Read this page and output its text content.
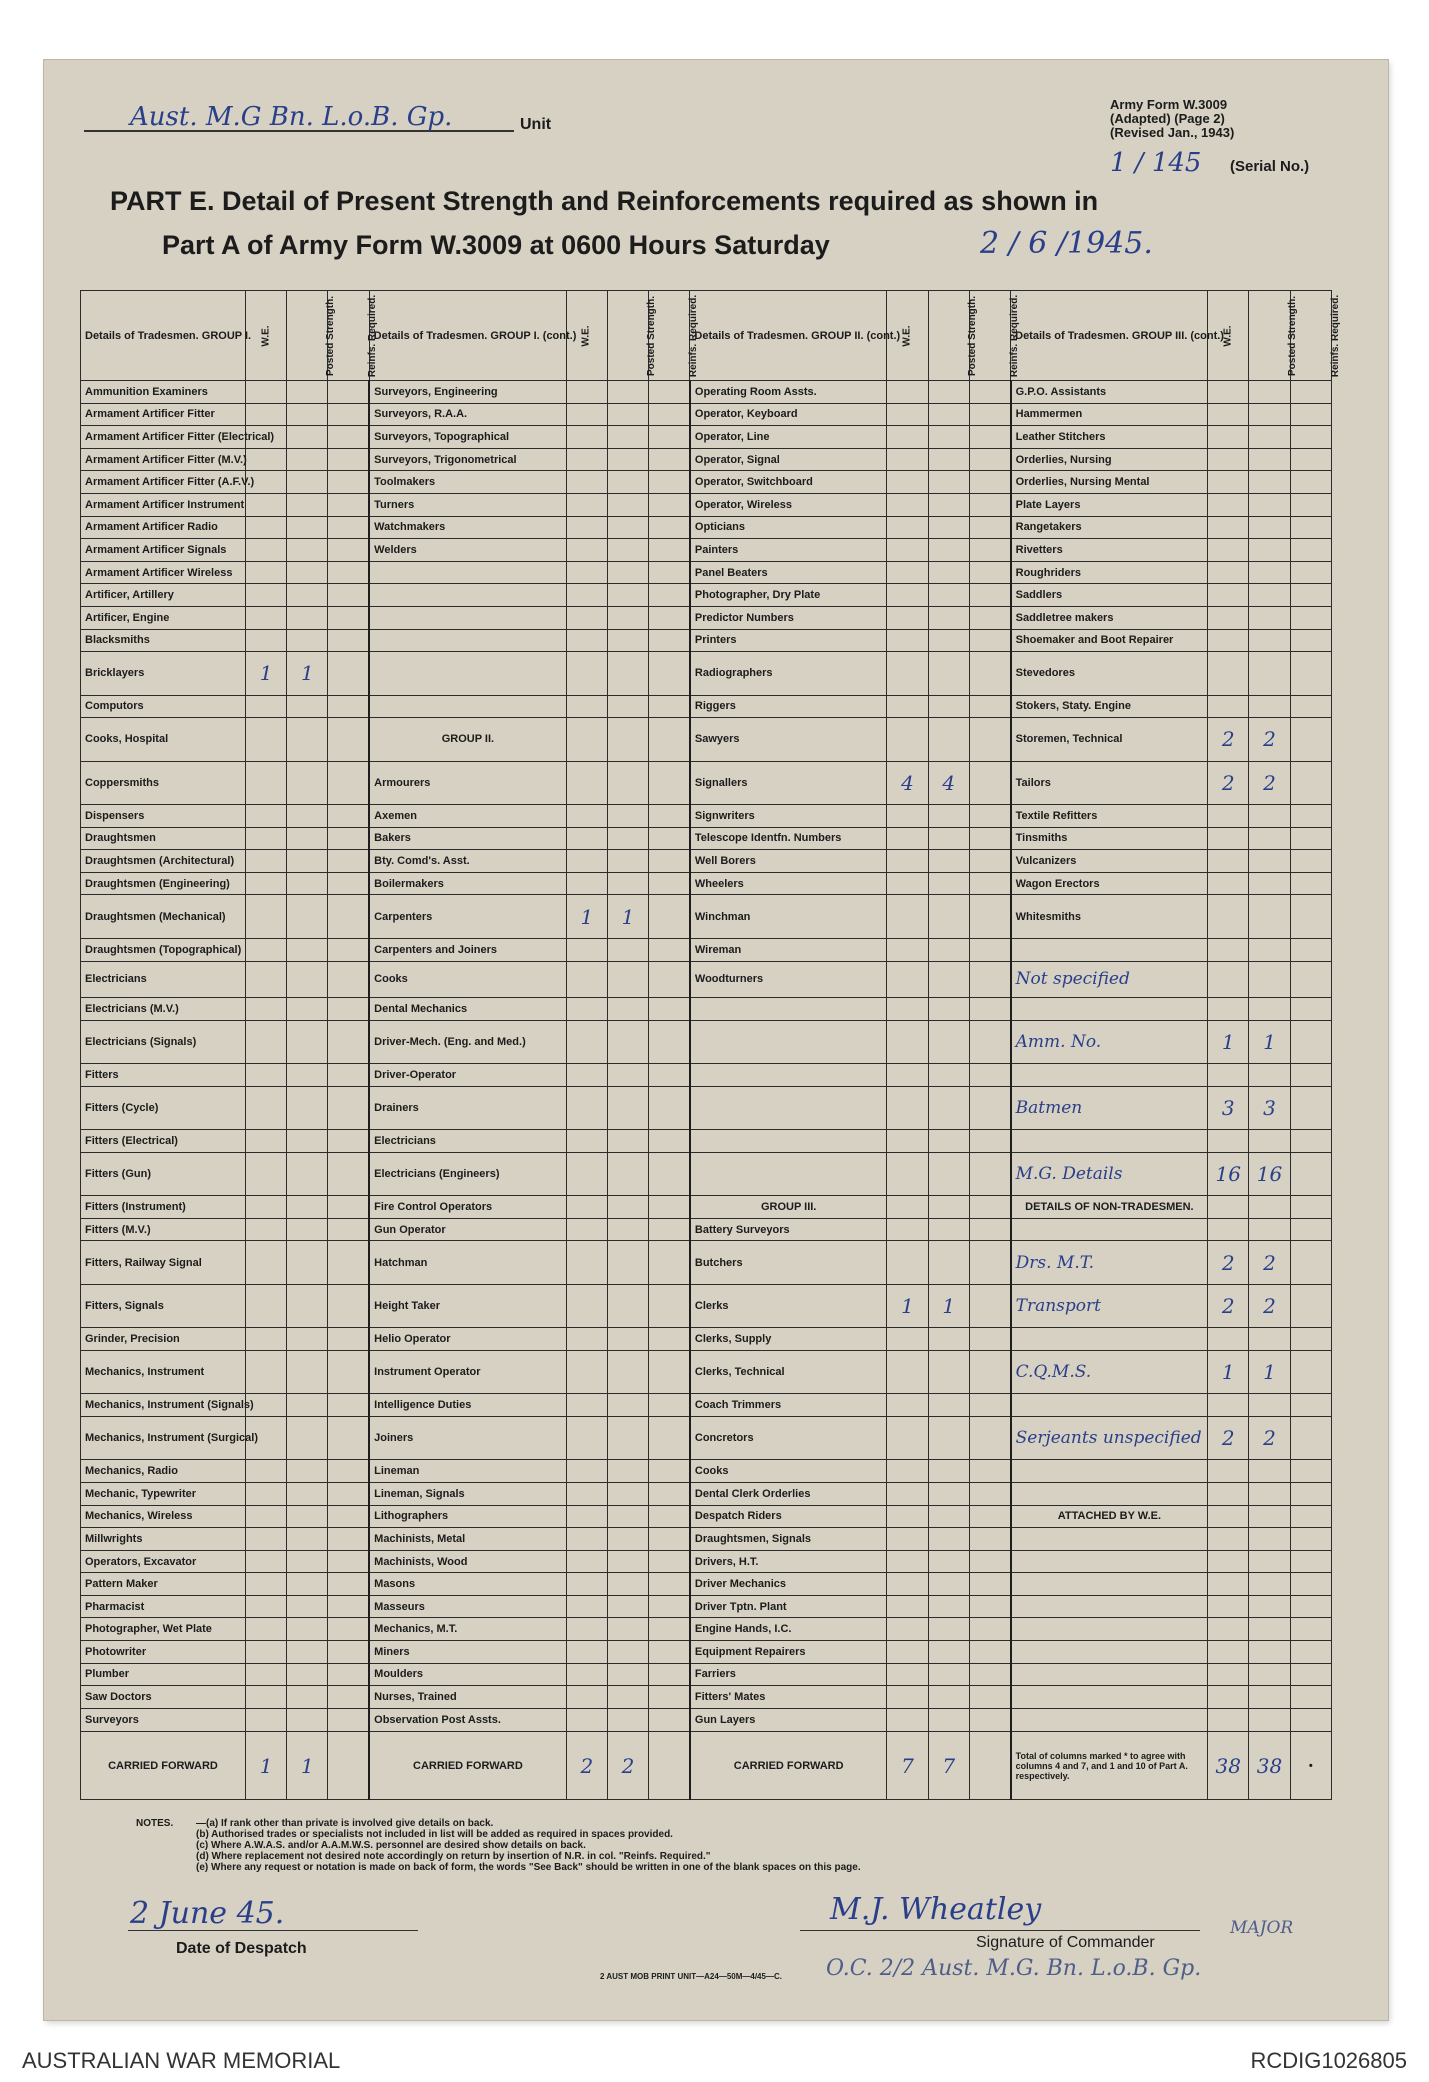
Aust. M.G Bn. L.o.B. Gp.	Unit
Army Form W.3009
(Adapted) (Page 2)
(Revised Jan., 1943)
1 / 145 (Serial No.)
PART E. Detail of Present Strength and Reinforcements required as shown in
Part A of Army Form W.3009 at 0600 Hours Saturday	2 / 6 /1945.
Details of Tradesmen. GROUP I.	W.E.	Posted Strength.	Reinfs. Required.	Details of Tradesmen. GROUP I. (cont.)	W.E.	Posted Strength.	Reinfs. Required.	Details of Tradesmen. GROUP II. (cont.)	W.E.	Posted Strength.	Reinfs. Required.	Details of Tradesmen. GROUP III. (cont.)	W.E.	Posted Strength.	Reinfs. Required.
Ammunition Examiners				Surveyors, Engineering				Operating Room Assts.				G.P.O. Assistants			
Armament Artificer Fitter				Surveyors, R.A.A.				Operator, Keyboard				Hammermen			
Armament Artificer Fitter (Electrical)				Surveyors, Topographical				Operator, Line				Leather Stitchers			
Armament Artificer Fitter (M.V.)				Surveyors, Trigonometrical				Operator, Signal				Orderlies, Nursing			
Armament Artificer Fitter (A.F.V.)				Toolmakers				Operator, Switchboard				Orderlies, Nursing Mental			
Armament Artificer Instrument				Turners				Operator, Wireless				Plate Layers			
Armament Artificer Radio				Watchmakers				Opticians				Rangetakers			
Armament Artificer Signals				Welders				Painters				Rivetters			
Armament Artificer Wireless								Panel Beaters				Roughriders			
Artificer, Artillery								Photographer, Dry Plate				Saddlers			
Artificer, Engine								Predictor Numbers				Saddletree makers			
Blacksmiths								Printers				Shoemaker and Boot Repairer			
Bricklayers	1	1						Radiographers				Stevedores			
Computors								Riggers				Stokers, Staty. Engine			
Cooks, Hospital				GROUP II.				Sawyers				Storemen, Technical	2	2	
Coppersmiths				Armourers				Signallers	4	4		Tailors	2	2	
Dispensers				Axemen				Signwriters				Textile Refitters			
Draughtsmen				Bakers				Telescope Identfn. Numbers				Tinsmiths			
Draughtsmen (Architectural)				Bty. Comd's. Asst.				Well Borers				Vulcanizers			
Draughtsmen (Engineering)				Boilermakers				Wheelers				Wagon Erectors			
Draughtsmen (Mechanical)				Carpenters	1	1		Winchman				Whitesmiths			
Draughtsmen (Topographical)				Carpenters and Joiners				Wireman							
Electricians				Cooks				Woodturners				Not specified			
Electricians (M.V.)				Dental Mechanics											
Electricians (Signals)				Driver-Mech. (Eng. and Med.)								Amm. No.	1	1	
Fitters				Driver-Operator											
Fitters (Cycle)				Drainers								Batmen	3	3	
Fitters (Electrical)				Electricians											
Fitters (Gun)				Electricians (Engineers)								M.G. Details	16	16	
Fitters (Instrument)				Fire Control Operators				GROUP III.				DETAILS OF NON-TRADESMEN.			
Fitters (M.V.)				Gun Operator				Battery Surveyors							
Fitters, Railway Signal				Hatchman				Butchers				Drs. M.T.	2	2	
Fitters, Signals				Height Taker				Clerks	1	1		Transport	2	2	
Grinder, Precision				Helio Operator				Clerks, Supply							
Mechanics, Instrument				Instrument Operator				Clerks, Technical				C.Q.M.S.	1	1	
Mechanics, Instrument (Signals)				Intelligence Duties				Coach Trimmers							
Mechanics, Instrument (Surgical)				Joiners				Concretors				Serjeants unspecified	2	2	
Mechanics, Radio				Lineman				Cooks							
Mechanic, Typewriter				Lineman, Signals				Dental Clerk Orderlies							
Mechanics, Wireless				Lithographers				Despatch Riders				ATTACHED BY W.E.			
Millwrights				Machinists, Metal				Draughtsmen, Signals							
Operators, Excavator				Machinists, Wood				Drivers, H.T.							
Pattern Maker				Masons				Driver Mechanics							
Pharmacist				Masseurs				Driver Tptn. Plant							
Photographer, Wet Plate				Mechanics, M.T.				Engine Hands, I.C.							
Photowriter				Miners				Equipment Repairers							
Plumber				Moulders				Farriers							
Saw Doctors				Nurses, Trained				Fitters' Mates							
Surveyors				Observation Post Assts.				Gun Layers							
CARRIED FORWARD	1	1		CARRIED FORWARD	2	2		CARRIED FORWARD	7	7		Total of columns marked * to agree with columns 4 and 7, and 1 and 10 of Part A. respectively.	38	38	•
NOTES. —(a) If rank other than private is involved give details on back.
(b) Authorised trades or specialists not included in list will be added as required in spaces provided.
(c) Where A.W.A.S. and/or A.A.M.W.S. personnel are desired show details on back.
(d) Where replacement not desired note accordingly on return by insertion of N.R. in col. "Reinfs. Required."
(e) Where any request or notation is made on back of form, the words "See Back" should be written in one of the blank spaces on this page.
2 June 45.
Date of Despatch
M.J. Wheatley
Signature of Commander
MAJOR
2 AUST MOB PRINT UNIT—A24—50M—4/45—C. O.C. 2/2 Aust. M.G. Bn. L.o.B. Gp.
AUSTRALIAN WAR MEMORIAL	RCDIG1026805
